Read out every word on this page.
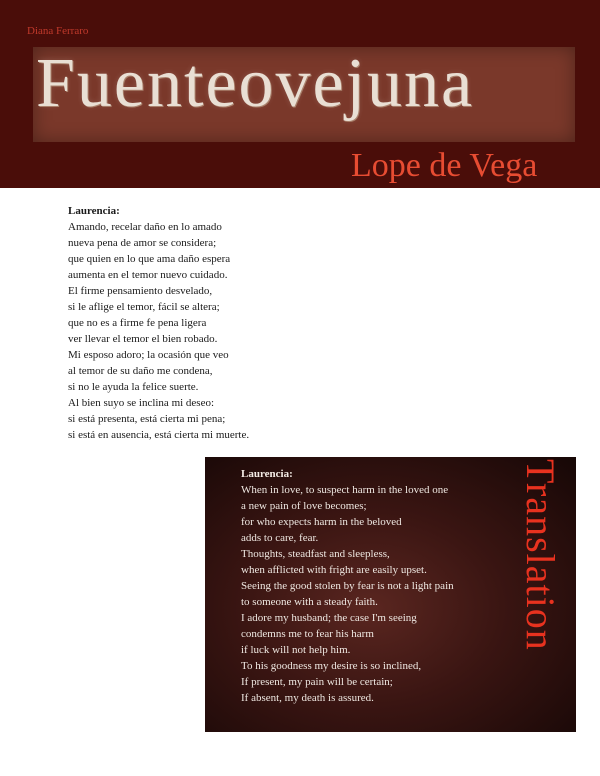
Diana Ferraro
Fuenteovejuna
Lope de Vega
Laurencia:
Amando, recelar daño en lo amado
nueva pena de amor se considera;
que quien en lo que ama daño espera
aumenta en el temor nuevo cuidado.
El firme pensamiento desvelado,
si le aflige el temor, fácil se altera;
que no es a firme fe pena ligera
ver llevar el temor el bien robado.
Mi esposo adoro; la ocasión que veo
al temor de su daño me condena,
si no le ayuda la felice suerte.
Al bien suyo se inclina mi deseo:
si está presenta, está cierta mi pena;
si está en ausencia, está cierta mi muerte.
Laurencia:
When in love, to suspect harm in the loved one
a new pain of love becomes;
for who expects harm in the beloved
adds to care, fear.
Thoughts, steadfast and sleepless,
when afflicted with fright are easily upset.
Seeing the good stolen by fear is not a light pain
to someone with a steady faith.
I adore my husband; the case I'm seeing
condemns me to fear his harm
if luck will not help him.
To his goodness my desire is so inclined,
If present, my pain will be certain;
If absent, my death is assured.
Translation
